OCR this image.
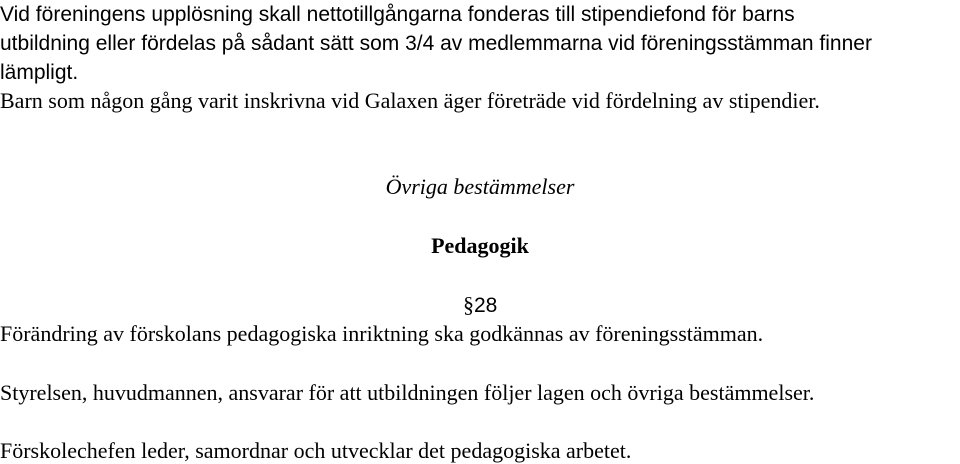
Vid föreningens upplösning skall nettotillgångarna fonderas till stipendiefond för barns
utbildning eller fördelas på sådant sätt som 3/4 av medlemmarna vid föreningsstämman finner
lämpligt.
Barn som någon gång varit inskrivna vid Galaxen äger företräde vid fördelning av stipendier.
Övriga bestämmelser
Pedagogik
§28
Förändring av förskolans pedagogiska inriktning ska godkännas av föreningsstämman.
Styrelsen, huvudmannen, ansvarar för att utbildningen följer lagen och övriga bestämmelser.
Förskolechefen leder, samordnar och utvecklar det pedagogiska arbetet.
